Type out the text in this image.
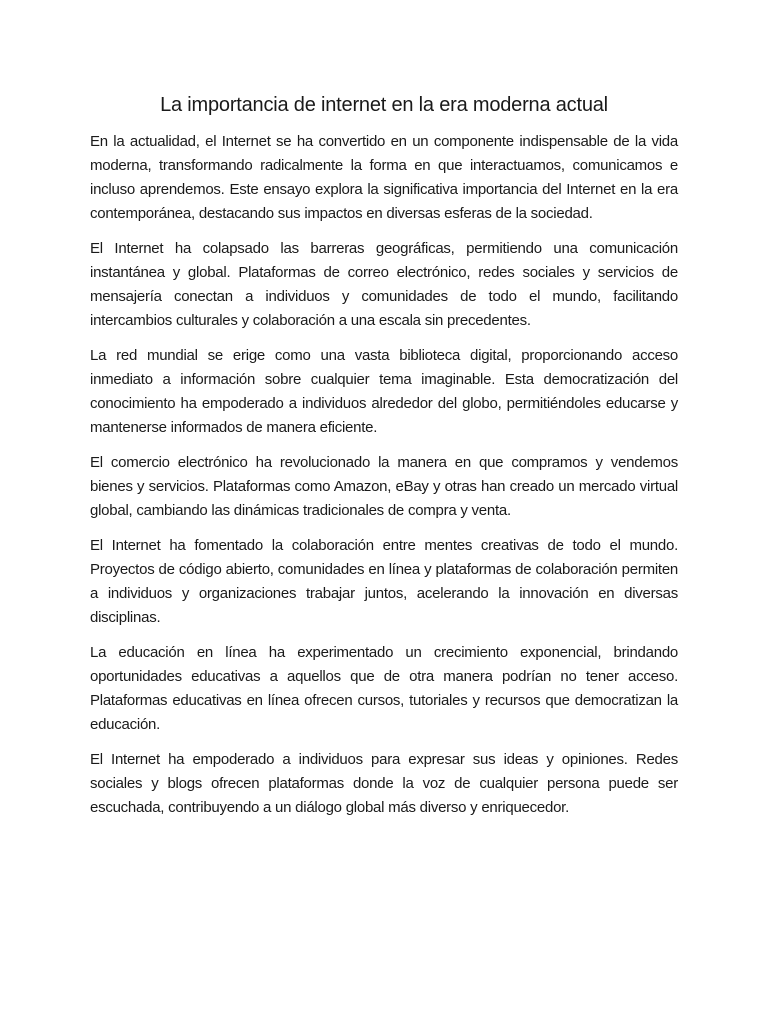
La importancia de internet en la era moderna actual

En la actualidad, el Internet se ha convertido en un componente indispensable de la vida moderna, transformando radicalmente la forma en que interactuamos, comunicamos e incluso aprendemos. Este ensayo explora la significativa importancia del Internet en la era contemporánea, destacando sus impactos en diversas esferas de la sociedad.

El Internet ha colapsado las barreras geográficas, permitiendo una comunicación instantánea y global. Plataformas de correo electrónico, redes sociales y servicios de mensajería conectan a individuos y comunidades de todo el mundo, facilitando intercambios culturales y colaboración a una escala sin precedentes.

La red mundial se erige como una vasta biblioteca digital, proporcionando acceso inmediato a información sobre cualquier tema imaginable. Esta democratización del conocimiento ha empoderado a individuos alrededor del globo, permitiéndoles educarse y mantenerse informados de manera eficiente.

El comercio electrónico ha revolucionado la manera en que compramos y vendemos bienes y servicios. Plataformas como Amazon, eBay y otras han creado un mercado virtual global, cambiando las dinámicas tradicionales de compra y venta.

El Internet ha fomentado la colaboración entre mentes creativas de todo el mundo. Proyectos de código abierto, comunidades en línea y plataformas de colaboración permiten a individuos y organizaciones trabajar juntos, acelerando la innovación en diversas disciplinas.

La educación en línea ha experimentado un crecimiento exponencial, brindando oportunidades educativas a aquellos que de otra manera podrían no tener acceso. Plataformas educativas en línea ofrecen cursos, tutoriales y recursos que democratizan la educación.

El Internet ha empoderado a individuos para expresar sus ideas y opiniones. Redes sociales y blogs ofrecen plataformas donde la voz de cualquier persona puede ser escuchada, contribuyendo a un diálogo global más diverso y enriquecedor.
